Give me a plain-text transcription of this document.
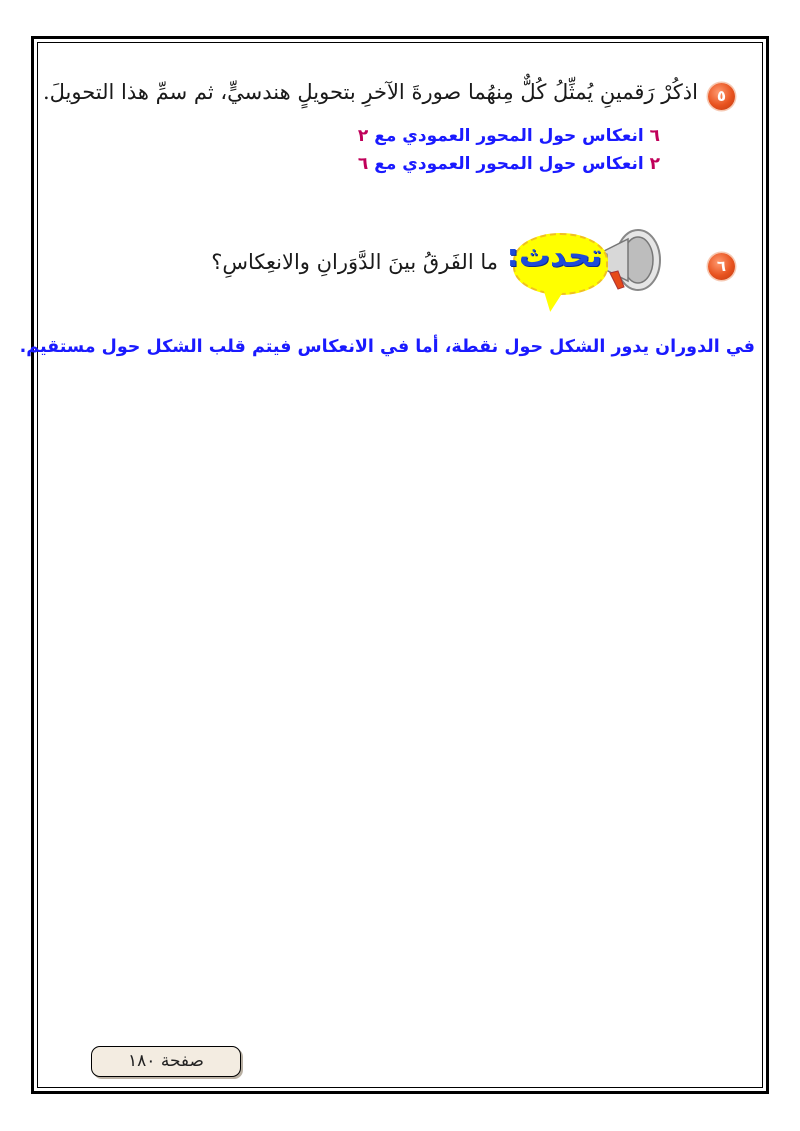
٥
اذكُرْ رَقمينِ يُمثِّلُ كُلٌّ مِنهُما صورةَ الآخرِ بتحويلٍ هندسيٍّ، ثم سمِّ هذا التحويلَ.
٦ انعكاس حول المحور العمودي مع ٢
٢ انعكاس حول المحور العمودي مع ٦
٦
تحدث:
ما الفَرقُ بينَ الدَّوَرانِ والانعِكاسِ؟
في الدوران يدور الشكل حول نقطة، أما في الانعكاس فيتم قلب الشكل حول مستقيم.
صفحة ١٨٠
